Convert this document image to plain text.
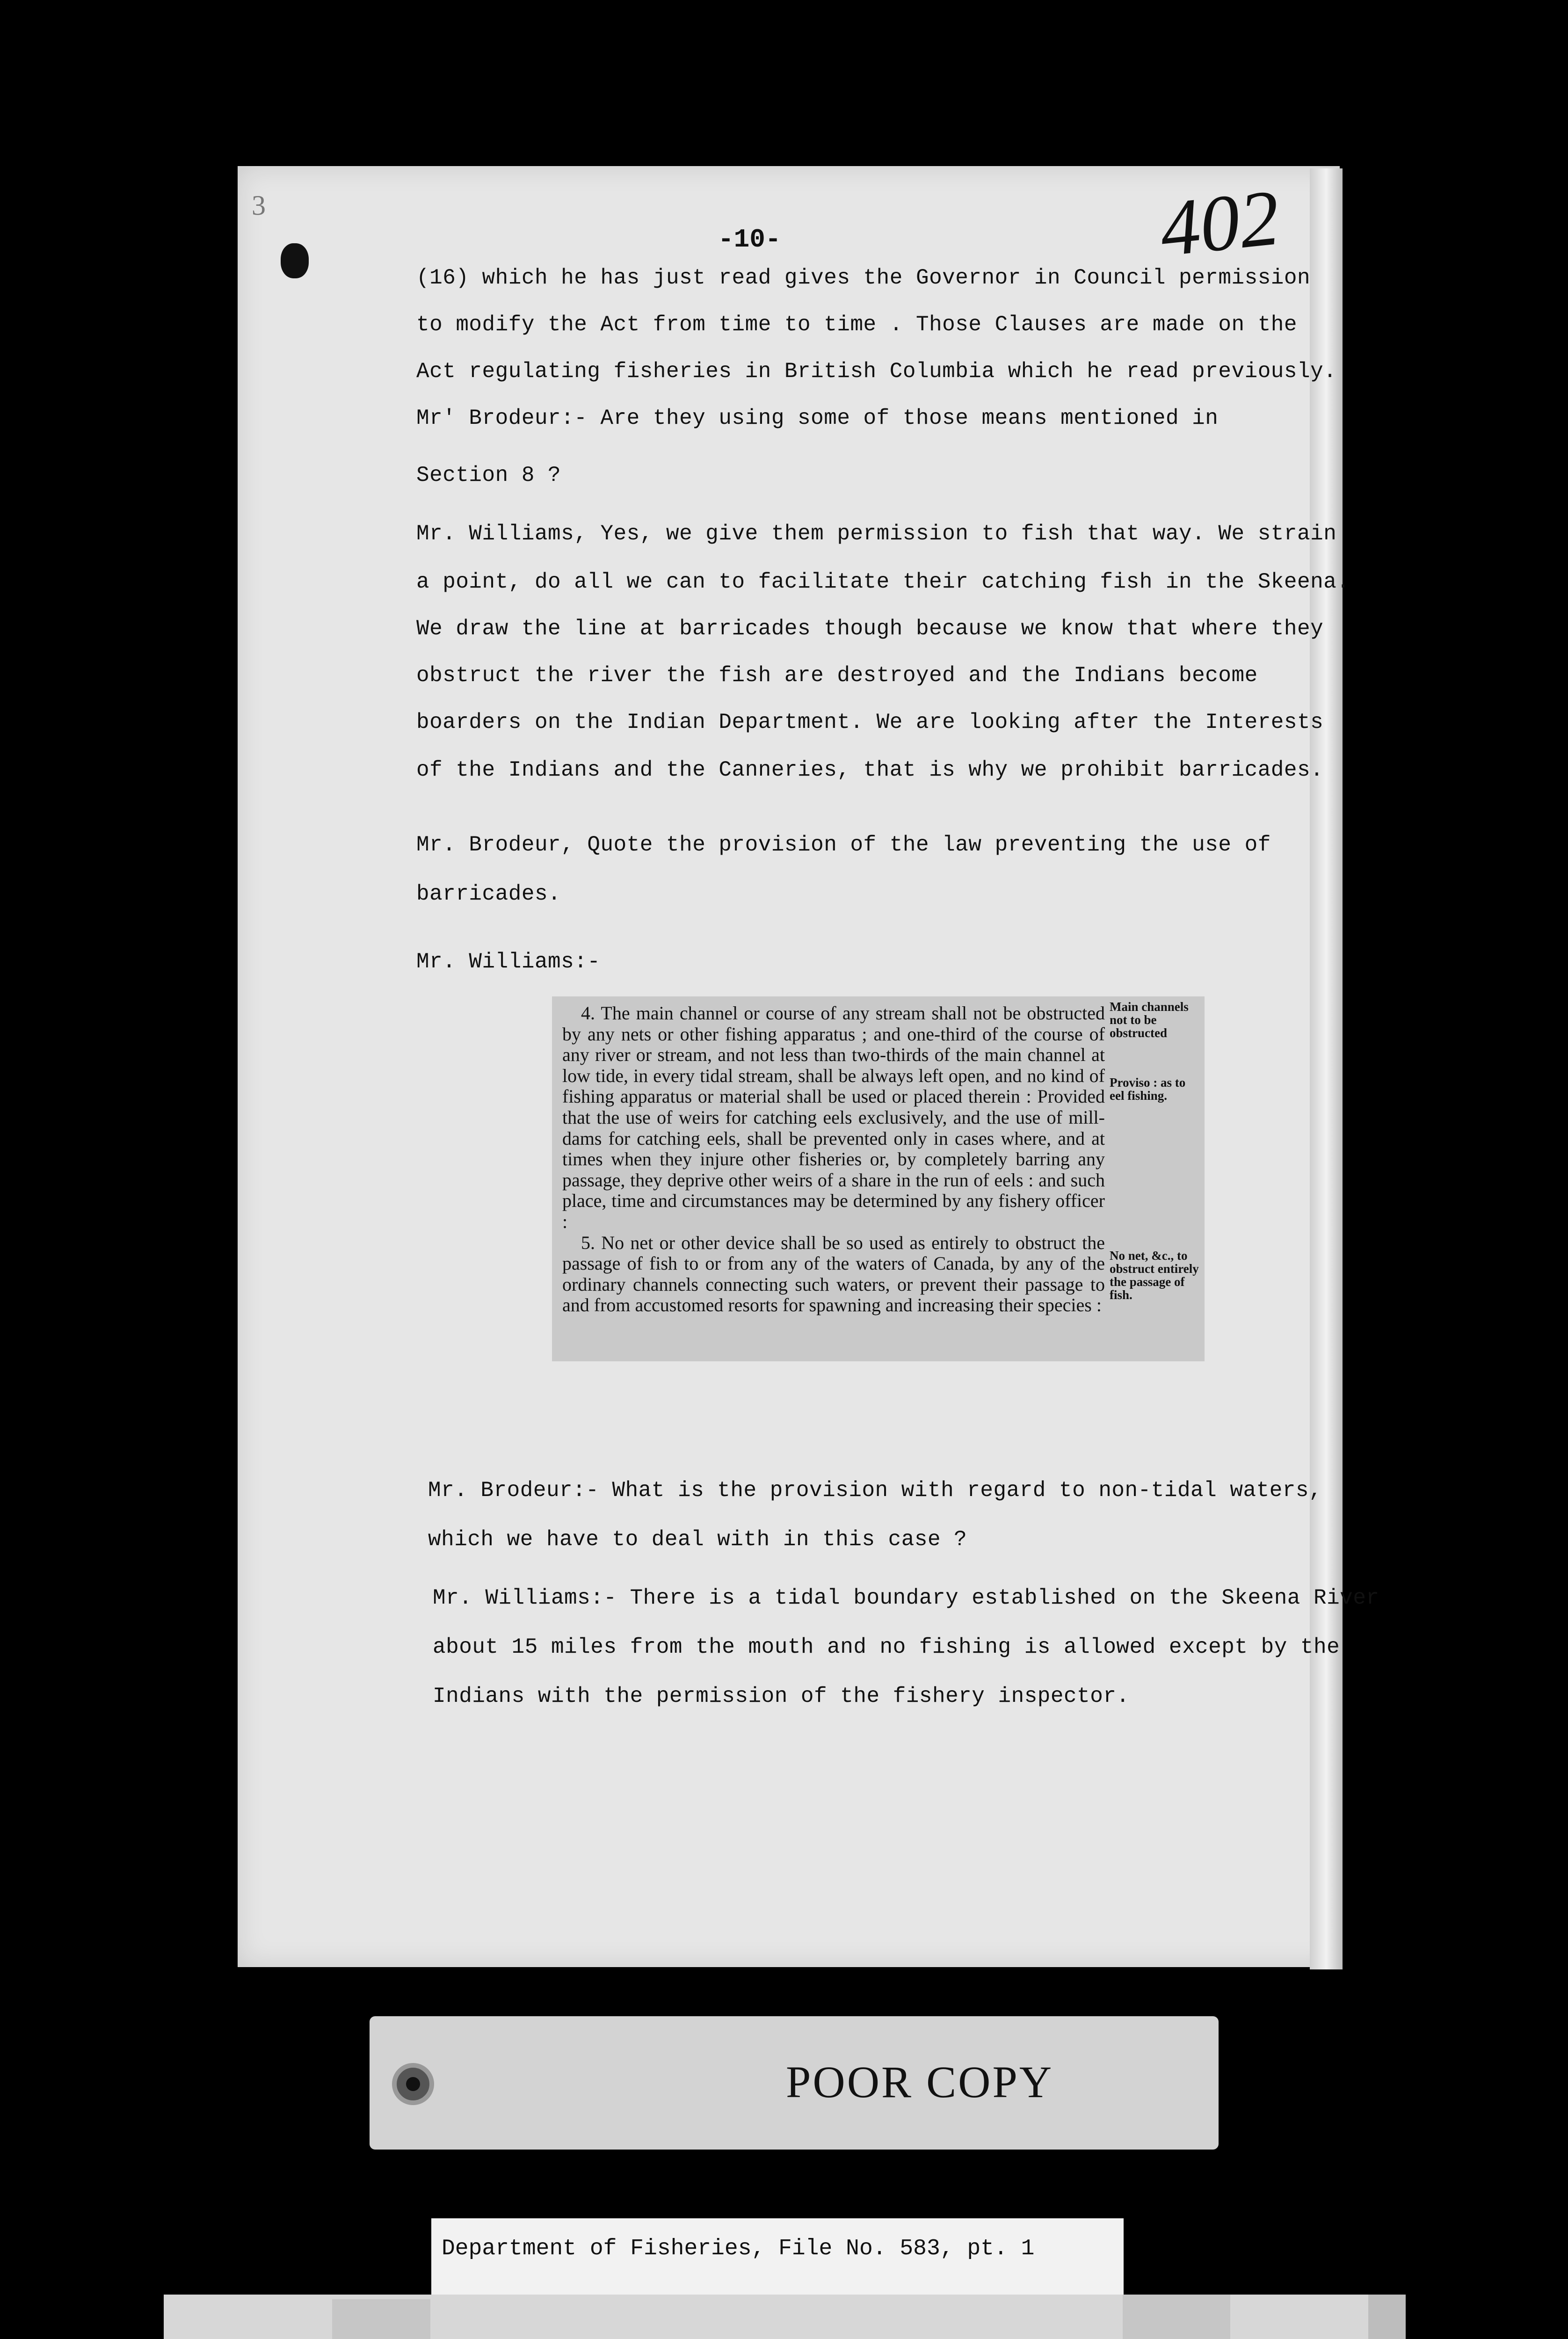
3
-10-	402
(16) which he has just read gives the Governor in Council permission
to modify the Act from time to time . Those Clauses are made on the
Act regulating fisheries in British Columbia which he read previously.
Mr' Brodeur:- Are they using some of those means mentioned in
Section 8 ?
Mr. Williams, Yes, we give them permission to fish that way. We strain
a point, do all we can to facilitate their catching fish in the Skeena.
We draw the line at barricades though because we know that where they
obstruct the river the fish are destroyed and the Indians become
boarders on the Indian Department. We are looking after the Interests
of the Indians and the Canneries, that is why we prohibit barricades.
Mr. Brodeur, Quote the provision of the law preventing the use of
barricades.
Mr. Williams:-

4. The main channel or course of any stream shall not be obstructed by any nets or other fishing apparatus ; and one-third of the course of any river or stream, and not less than two-thirds of the main channel at low tide, in every tidal stream, shall be always left open, and no kind of fishing apparatus or material shall be used or placed therein : Provided that the use of weirs for catching eels exclusively, and the use of mill-dams for catching eels, shall be prevented only in cases where, and at times when they injure other fisheries or, by completely barring any passage, they deprive other weirs of a share in the run of eels : and such place, time and circumstances may be determined by any fishery officer :

5. No net or other device shall be so used as entirely to obstruct the passage of fish to or from any of the waters of Canada, by any of the ordinary channels connecting such waters, or prevent their passage to and from accustomed resorts for spawning and increasing their species :

Main channels not to be obstructed
Proviso : as to eel fishing.
No net, &c., to obstruct entirely the passage of fish.
Mr. Brodeur:- What is the provision with regard to non-tidal waters,
which we have to deal with in this case ?
Mr. Williams:- There is a tidal boundary established on the Skeena River
about 15 miles from the mouth and no fishing is allowed except by the
Indians with the permission of the fishery inspector.
POOR COPY
Department of Fisheries, File No. 583, pt. 1
